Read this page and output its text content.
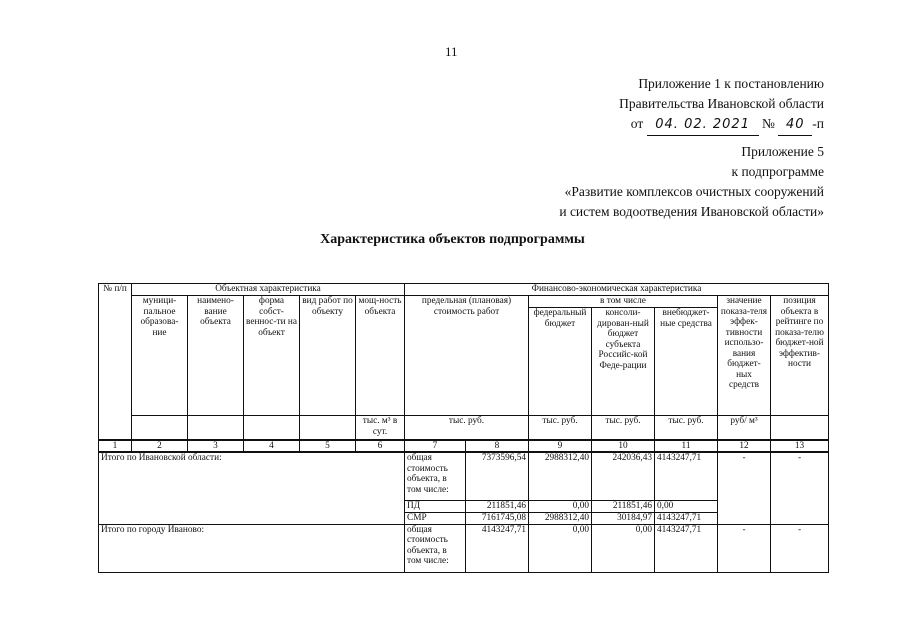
11
Приложение 1 к постановлению
Правительства Ивановской области
от 04. 02. 2021 № 40 -п
Приложение 5
к подпрограмме
«Развитие комплексов очистных сооружений
и систем водоотведения Ивановской области»
Характеристика объектов подпрограммы
№ п/п	Объектная характеристика					Финансово-экономическая характеристика						
	муници-пальное образова-ние	наимено-вание объекта	форма собст-веннос-ти на объект	вид работ по объекту	мощ-ность объекта	предельная (плановая) стоимость работ		в том числе			значение показа-теля эффек-тивности использо-вания бюджет-ных средств	позиция объекта в рейтинге по показа-телю бюджет-ной эффектив-ности
								федеральный бюджет	консоли-дирован-ный бюджет субъекта Российс-кой Феде-рации	внебюджет-ные средства		
					тыс. м³ в сут.	тыс. руб.		тыс. руб.	тыс. руб.	тыс. руб.	руб/ м³	
1	2	3	4	5	6	7	8	9	10	11	12	13
Итого по Ивановской области:						общая стоимость объекта, в том числе:	7373596,54	2988312,40	242036,43	4143247,71	-	-
						ПД	211851,46	0,00	211851,46	0,00		
						СМР	7161745,08	2988312,40	30184,97	4143247,71		
Итого по городу Иваново:						общая стоимость объекта, в том числе:	4143247,71	0,00	0,00	4143247,71	-	-
